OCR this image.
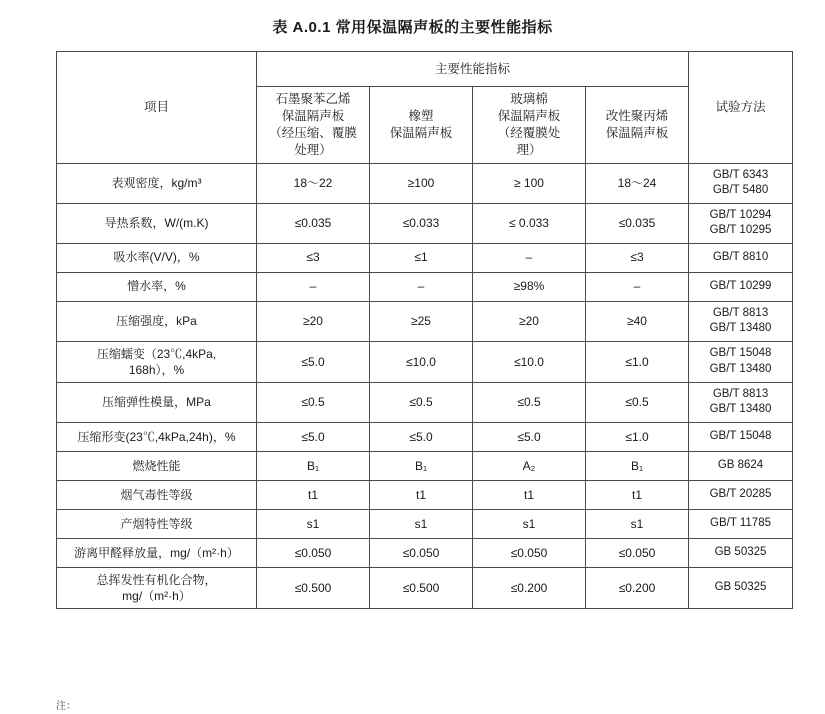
表 A.0.1 常用保温隔声板的主要性能指标
项目	主要性能指标				试验方法
	石墨聚苯乙烯
保温隔声板
（经压缩、覆膜
处理）	橡塑
保温隔声板	玻璃棉
保温隔声板
（经覆膜处
理）	改性聚丙烯
保温隔声板	
表观密度，kg/m³	18～22	≥100	≥ 100	18～24	GB/T 6343
GB/T 5480

导热系数，W/(m.K)	≤0.035	≤0.033	≤ 0.033	≤0.035	GB/T 10294
GB/T 10295

吸水率(V/V)，%	≤3	≤1	–	≤3	GB/T 8810

憎水率，%	–	–	≥98%	–	GB/T 10299

压缩强度，kPa	≥20	≥25	≥20	≥40	GB/T 8813
GB/T 13480

压缩蠕变（23℃,4kPa,
168h），%	≤5.0	≤10.0	≤10.0	≤1.0	GB/T 15048
GB/T 13480

压缩弹性模量，MPa	≤0.5	≤0.5	≤0.5	≤0.5	GB/T 8813
GB/T 13480

压缩形变(23℃,4kPa,24h)，%	≤5.0	≤5.0	≤5.0	≤1.0	GB/T 15048

燃烧性能	B₁	B₁	A₂	B₁	GB 8624

烟气毒性等级	t1	t1	t1	t1	GB/T 20285

产烟特性等级	s1	s1	s1	s1	GB/T 11785

游离甲醛释放量，mg/（m²·h）	≤0.050	≤0.050	≤0.050	≤0.050	GB 50325

总挥发性有机化合物，
mg/（m²·h）	≤0.500	≤0.500	≤0.200	≤0.200	GB 50325
注：
